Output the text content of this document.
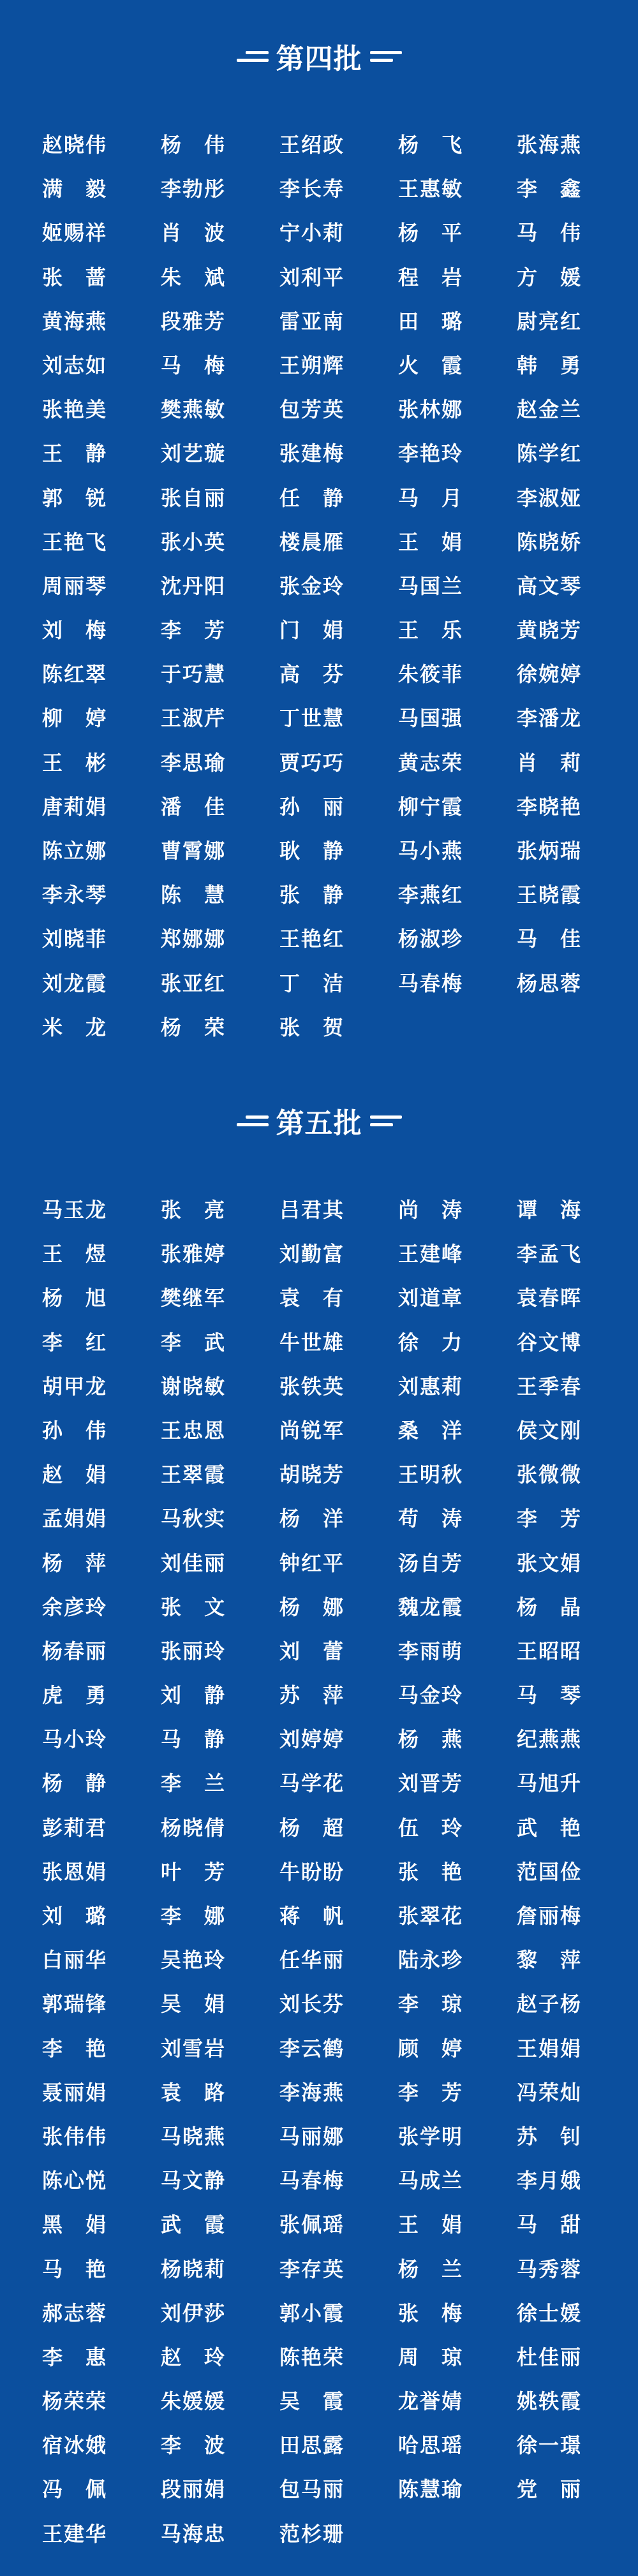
第四批
赵晓伟	杨　伟	王绍政	杨　飞	张海燕
满　毅	李勃彤	李长寿	王惠敏	李　鑫
姬赐祥	肖　波	宁小莉	杨　平	马　伟
张　蔷	朱　斌	刘利平	程　岩	方　媛
黄海燕	段雅芳	雷亚南	田　璐	尉亮红
刘志如	马　梅	王朔辉	火　霞	韩　勇
张艳美	樊燕敏	包芳英	张林娜	赵金兰
王　静	刘艺璇	张建梅	李艳玲	陈学红
郭　锐	张自丽	任　静	马　月	李淑娅
王艳飞	张小英	楼晨雁	王　娟	陈晓娇
周丽琴	沈丹阳	张金玲	马国兰	高文琴
刘　梅	李　芳	门　娟	王　乐	黄晓芳
陈红翠	于巧慧	高　芬	朱筱菲	徐婉婷
柳　婷	王淑芹	丁世慧	马国强	李潘龙
王　彬	李思瑜	贾巧巧	黄志荣	肖　莉
唐莉娟	潘　佳	孙　丽	柳宁霞	李晓艳
陈立娜	曹霄娜	耿　静	马小燕	张炳瑞
李永琴	陈　慧	张　静	李燕红	王晓霞
刘晓菲	郑娜娜	王艳红	杨淑珍	马　佳
刘龙霞	张亚红	丁　洁	马春梅	杨思蓉
米　龙	杨　荣	张　贺
第五批
马玉龙	张　亮	吕君其	尚　涛	谭　海
王　煜	张雅婷	刘勤富	王建峰	李孟飞
杨　旭	樊继军	袁　有	刘道章	袁春晖
李　红	李　武	牛世雄	徐　力	谷文博
胡甲龙	谢晓敏	张铁英	刘惠莉	王季春
孙　伟	王忠恩	尚锐军	桑　洋	侯文刚
赵　娟	王翠霞	胡晓芳	王明秋	张微微
孟娟娟	马秋实	杨　洋	苟　涛	李　芳
杨　萍	刘佳丽	钟红平	汤自芳	张文娟
余彦玲	张　文	杨　娜	魏龙霞	杨　晶
杨春丽	张丽玲	刘　蕾	李雨萌	王昭昭
虎　勇	刘　静	苏　萍	马金玲	马　琴
马小玲	马　静	刘婷婷	杨　燕	纪燕燕
杨　静	李　兰	马学花	刘晋芳	马旭升
彭莉君	杨晓倩	杨　超	伍　玲	武　艳
张恩娟	叶　芳	牛盼盼	张　艳	范国俭
刘　璐	李　娜	蒋　帆	张翠花	詹丽梅
白丽华	吴艳玲	任华丽	陆永珍	黎　萍
郭瑞锋	吴　娟	刘长芬	李　琼	赵子杨
李　艳	刘雪岩	李云鹤	顾　婷	王娟娟
聂丽娟	袁　路	李海燕	李　芳	冯荣灿
张伟伟	马晓燕	马丽娜	张学明	苏　钊
陈心悦	马文静	马春梅	马成兰	李月娥
黑　娟	武　霞	张佩瑶	王　娟	马　甜
马　艳	杨晓莉	李存英	杨　兰	马秀蓉
郝志蓉	刘伊莎	郭小霞	张　梅	徐士媛
李　惠	赵　玲	陈艳荣	周　琼	杜佳丽
杨荣荣	朱媛媛	吴　霞	龙誉婧	姚轶霞
宿冰娥	李　波	田思露	哈思瑶	徐一璟
冯　佩	段丽娟	包马丽	陈慧瑜	党　丽
王建华	马海忠	范杉珊
